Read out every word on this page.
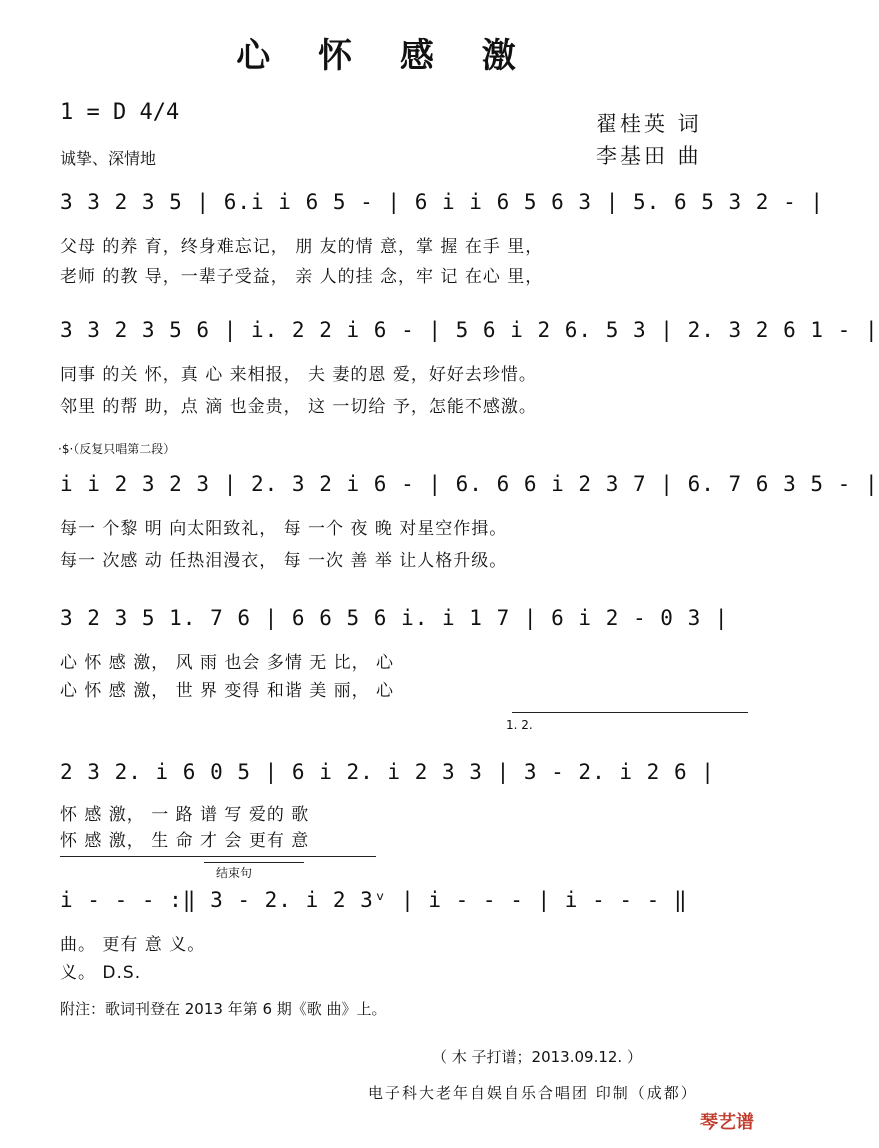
心 怀 感 激
1 = D 4/4
诚挚、深情地
翟桂英 词
李基田 曲
3 3 2 3 5 | 6.i i 6 5 - | 6 i i 6 5 6 3 | 5. 6 5 3 2 - |
父母 的养 育，终身难忘记， 朋 友的情 意，掌 握 在手 里，
老师 的教 导，一辈子受益， 亲 人的挂 念，牢 记 在心 里，
3 3 2 3 5 6 | i. 2 2 i 6 - | 5 6 i 2 6. 5 3 | 2. 3 2 6 1 - |
同事 的关 怀，真 心 来相报， 夫 妻的恩 爱，好好去珍惜。
邻里 的帮 助，点 滴 也金贵， 这 一切给 予，怎能不感激。
·$·（反复只唱第二段）
i i 2 3 2 3 | 2. 3 2 i 6 - | 6. 6 6 i 2 3 7 | 6. 7 6 3 5 - |
每一 个黎 明 向太阳致礼， 每 一个 夜 晚 对星空作揖。
每一 次感 动 任热泪漫衣， 每 一次 善 举 让人格升级。
3 2 3 5 1. 7 6 | 6 6 5 6 i. i 1 7 | 6 i 2 - 0 3 |
心 怀 感 激， 风 雨 也会 多情 无 比， 心
心 怀 感 激， 世 界 变得 和谐 美 丽， 心
1. 2.
2 3 2. i 6 0 5 | 6 i 2. i 2 3 3 | 3 - 2. i 2 6 |
怀 感 激， 一 路 谱 写 爱的 歌
怀 感 激， 生 命 才 会 更有 意
结束句
i - - - :‖ 3 - 2. i 2 3ᵛ | i - - - | i - - - ‖
曲。 更有 意 义。
义。 D.S.
附注：歌词刊登在 2013 年第 6 期《歌 曲》上。
（ 木 子打谱；2013.09.12. ）
电子科大老年自娱自乐合唱团 印制（成都）
琴艺谱
